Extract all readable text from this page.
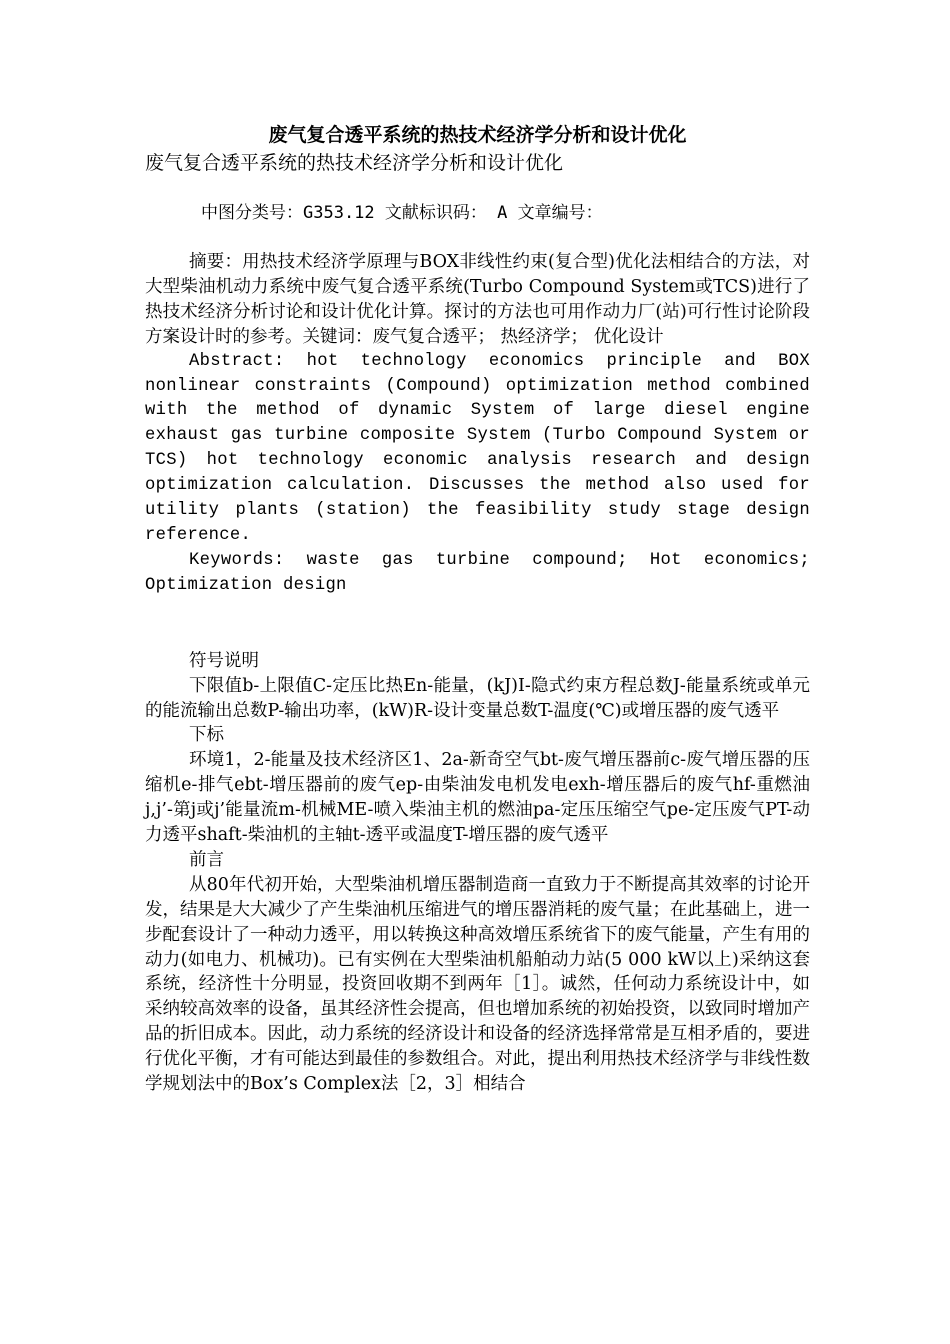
废气复合透平系统的热技术经济学分析和设计优化

废气复合透平系统的热技术经济学分析和设计优化

中图分类号：G353.12 文献标识码： A 文章编号：

摘要：用热技术经济学原理与BOX非线性约束(复合型)优化法相结合的方法，对大型柴油机动力系统中废气复合透平系统(Turbo Compound System或TCS)进行了热技术经济分析讨论和设计优化计算。探讨的方法也可用作动力厂(站)可行性讨论阶段方案设计时的参考。关键词：废气复合透平； 热经济学； 优化设计

Abstract: hot technology economics principle and BOX nonlinear constraints (Compound) optimization method combined with the method of dynamic System of large diesel engine exhaust gas turbine composite System (Turbo Compound System or TCS) hot technology economic analysis research and design optimization calculation. Discusses the method also used for utility plants (station) the feasibility study stage design reference.

Keywords: waste gas turbine compound; Hot economics; Optimization design

符号说明

下限值b-上限值C-定压比热En-能量，(kJ)I-隐式约束方程总数J-能量系统或单元的能流输出总数P-输出功率，(kW)R-设计变量总数T-温度(℃)或增压器的废气透平

下标

环境1，2-能量及技术经济区1、2a-新奇空气bt-废气增压器前c-废气增压器的压缩机e-排气ebt-增压器前的废气ep-由柴油发电机发电exh-增压器后的废气hf-重燃油j,j’-第j或j’能量流m-机械ME-喷入柴油主机的燃油pa-定压压缩空气pe-定压废气PT-动力透平shaft-柴油机的主轴t-透平或温度T-增压器的废气透平

前言

从80年代初开始，大型柴油机增压器制造商一直致力于不断提高其效率的讨论开发，结果是大大减少了产生柴油机压缩进气的增压器消耗的废气量；在此基础上，进一步配套设计了一种动力透平，用以转换这种高效增压系统省下的废气能量，产生有用的动力(如电力、机械功)。已有实例在大型柴油机船舶动力站(5 000 kW以上)采纳这套系统，经济性十分明显，投资回收期不到两年［1］。诚然，任何动力系统设计中，如采纳较高效率的设备，虽其经济性会提高，但也增加系统的初始投资，以致同时增加产品的折旧成本。因此，动力系统的经济设计和设备的经济选择常常是互相矛盾的，要进行优化平衡，才有可能达到最佳的参数组合。对此，提出利用热技术经济学与非线性数学规划法中的Box’s Complex法［2，3］相结合
